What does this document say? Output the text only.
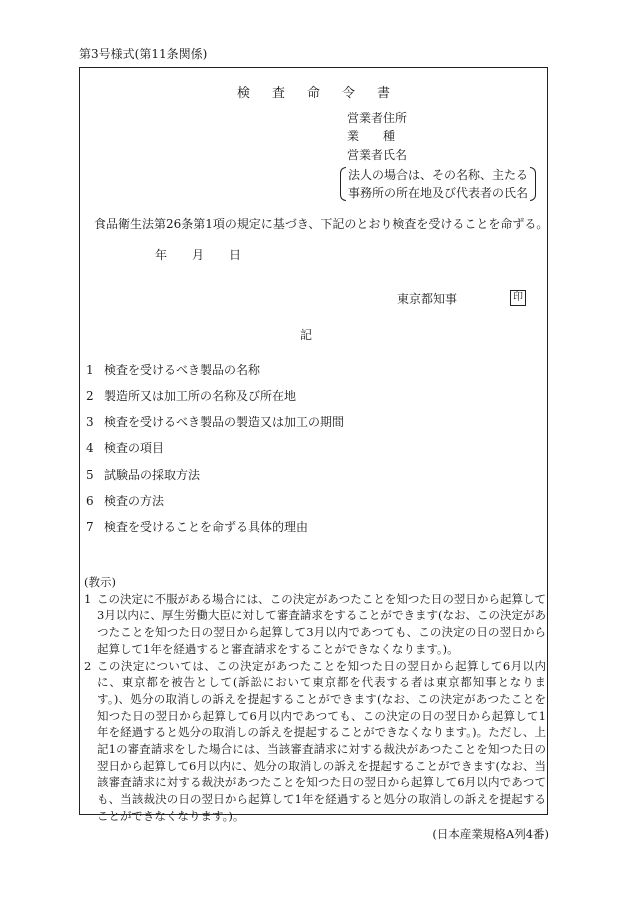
第3号様式(第11条関係)
検 査 命 令 書
営業者住所
業　　種
営業者氏名
法人の場合は、その名称、主たる
事務所の所在地及び代表者の氏名
食品衛生法第26条第1項の規定に基づき、下記のとおり検査を受けることを命ずる。
年 月 日
東京都知事	印
記
1 検査を受けるべき製品の名称
2 製造所又は加工所の名称及び所在地
3 検査を受けるべき製品の製造又は加工の期間
4 検査の項目
5 試験品の採取方法
6 検査の方法
7 検査を受けることを命ずる具体的理由
(教示)
1 この決定に不服がある場合には、この決定があつたことを知つた日の翌日から起算して3月以内に、厚生労働大臣に対して審査請求をすることができます(なお、この決定があつたことを知つた日の翌日から起算して3月以内であつても、この決定の日の翌日から起算して1年を経過すると審査請求をすることができなくなります。)。
2 この決定については、この決定があつたことを知つた日の翌日から起算して6月以内に、東京都を被告として(訴訟において東京都を代表する者は東京都知事となります。)、処分の取消しの訴えを提起することができます(なお、この決定があつたことを知つた日の翌日から起算して6月以内であつても、この決定の日の翌日から起算して1年を経過すると処分の取消しの訴えを提起することができなくなります。)。ただし、上記1の審査請求をした場合には、当該審査請求に対する裁決があつたことを知つた日の翌日から起算して6月以内に、処分の取消しの訴えを提起することができます(なお、当該審査請求に対する裁決があつたことを知つた日の翌日から起算して6月以内であつても、当該裁決の日の翌日から起算して1年を経過すると処分の取消しの訴えを提起することができなくなります。)。
(日本産業規格A列4番)
